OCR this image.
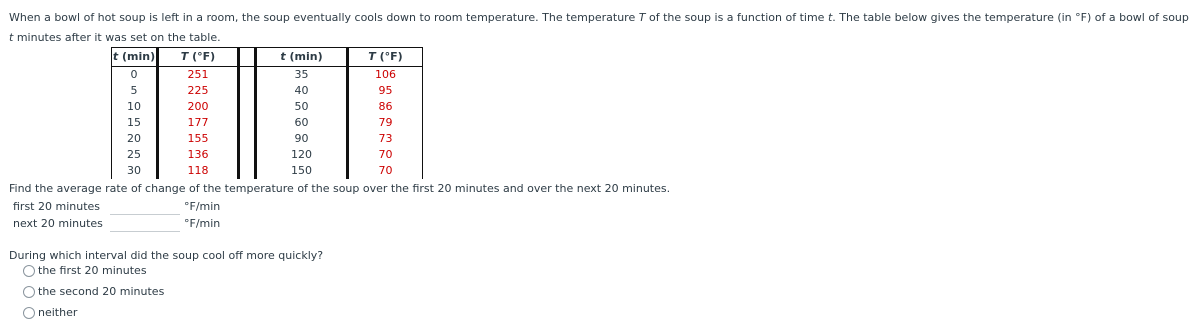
When a bowl of hot soup is left in a room, the soup eventually cools down to room temperature. The temperature T of the soup is a function of time t. The table below gives the temperature (in °F) of a bowl of soup t minutes after it was set on the table.
t (min)	T (°F)		t (min)	T (°F)
0	251		35	106
5	225		40	95
10	200		50	86
15	177		60	79
20	155		90	73
25	136		120	70
30	118		150	70
Find the average rate of change of the temperature of the soup over the first 20 minutes and over the next 20 minutes.
first 20 minutes	°F/min
next 20 minutes	°F/min
During which interval did the soup cool off more quickly?
the first 20 minutes
the second 20 minutes
neither
